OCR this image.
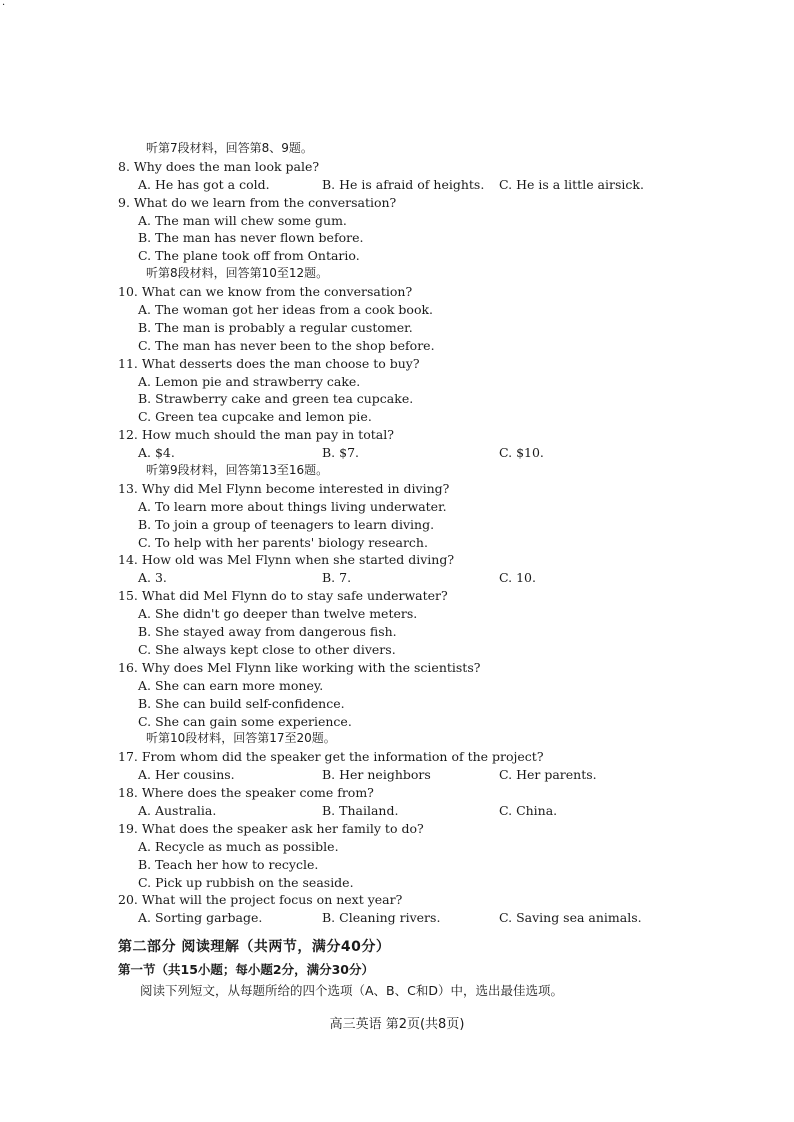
·
听第7段材料，回答第8、9题。
8. Why does the man look pale?
A. He has got a cold.	B. He is afraid of heights. C. He is a little airsick.
9. What do we learn from the conversation?
A. The man will chew some gum.
B. The man has never flown before.
C. The plane took off from Ontario.
听第8段材料，回答第10至12题。
10. What can we know from the conversation?
A. The woman got her ideas from a cook book.
B. The man is probably a regular customer.
C. The man has never been to the shop before.
11. What desserts does the man choose to buy?
A. Lemon pie and strawberry cake.
B. Strawberry cake and green tea cupcake.
C. Green tea cupcake and lemon pie.
12. How much should the man pay in total?
A. $4.	B. $7.	C. $10.
听第9段材料，回答第13至16题。
13. Why did Mel Flynn become interested in diving?
A. To learn more about things living underwater.
B. To join a group of teenagers to learn diving.
C. To help with her parents' biology research.
14. How old was Mel Flynn when she started diving?
A. 3.	B. 7.	C. 10.
15. What did Mel Flynn do to stay safe underwater?
A. She didn't go deeper than twelve meters.
B. She stayed away from dangerous fish.
C. She always kept close to other divers.
16. Why does Mel Flynn like working with the scientists?
A. She can earn more money.
B. She can build self-confidence.
C. She can gain some experience.
听第10段材料，回答第17至20题。
17. From whom did the speaker get the information of the project?
A. Her cousins.	B. Her neighbors	C. Her parents.
18. Where does the speaker come from?
A. Australia.	B. Thailand.	C. China.
19. What does the speaker ask her family to do?
A. Recycle as much as possible.
B. Teach her how to recycle.
C. Pick up rubbish on the seaside.
20. What will the project focus on next year?
A. Sorting garbage.	B. Cleaning rivers.	C. Saving sea animals.
第二部分 阅读理解（共两节，满分40分）
第一节（共15小题；每小题2分，满分30分）
阅读下列短文，从每题所给的四个选项（A、B、C和D）中，选出最佳选项。
高三英语 第2页(共8页)
